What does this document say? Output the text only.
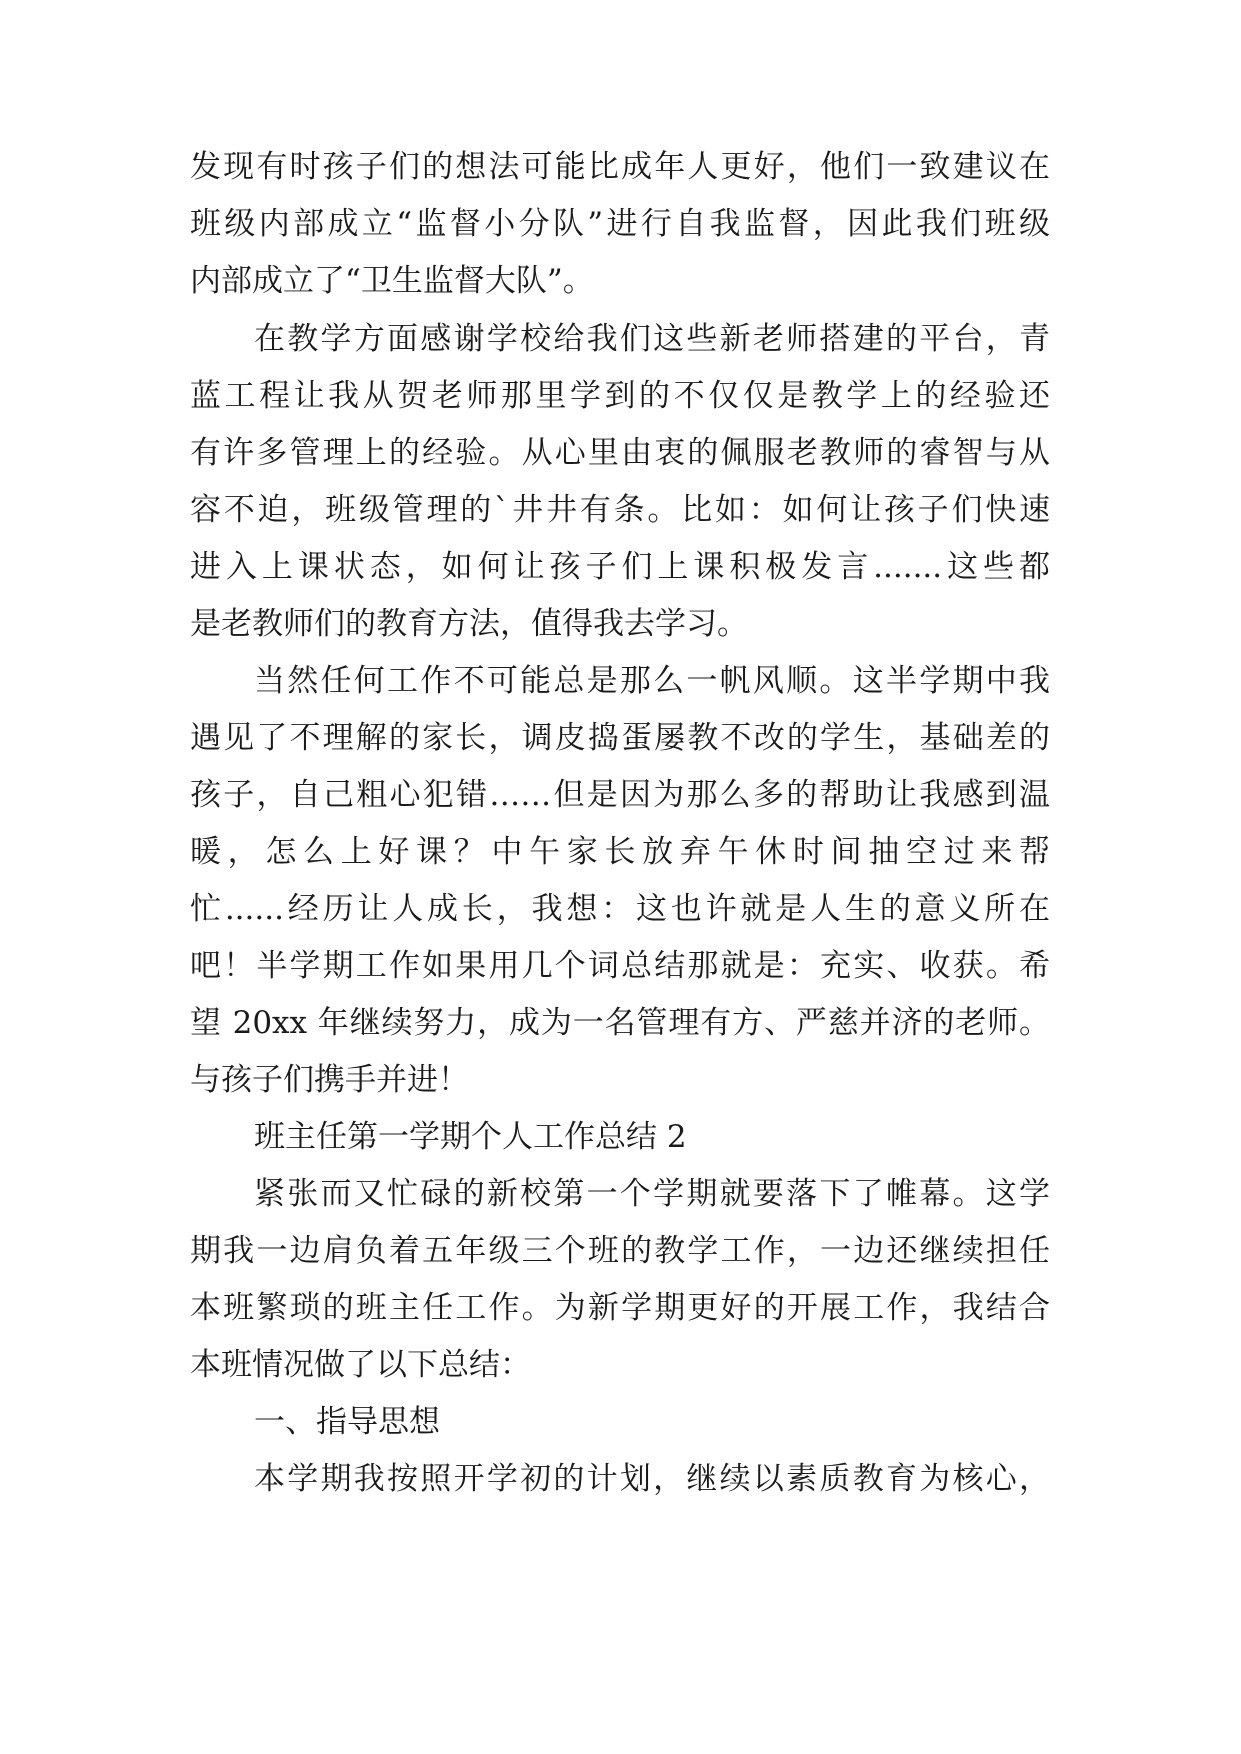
发现有时孩子们的想法可能比成年人更好，他们一致建议在
班级内部成立“监督小分队”进行自我监督，因此我们班级
内部成立了“卫生监督大队”。
在教学方面感谢学校给我们这些新老师搭建的平台，青
蓝工程让我从贺老师那里学到的不仅仅是教学上的经验还
有许多管理上的经验。从心里由衷的佩服老教师的睿智与从
容不迫，班级管理的`井井有条。比如：如何让孩子们快速
进入上课状态，如何让孩子们上课积极发言.......这些都
是老教师们的教育方法，值得我去学习。
当然任何工作不可能总是那么一帆风顺。这半学期中我
遇见了不理解的家长，调皮捣蛋屡教不改的学生，基础差的
孩子，自己粗心犯错……但是因为那么多的帮助让我感到温
暖，怎么上好课？中午家长放弃午休时间抽空过来帮
忙......经历让人成长，我想：这也许就是人生的意义所在
吧！半学期工作如果用几个词总结那就是：充实、收获。希
望 20xx 年继续努力，成为一名管理有方、严慈并济的老师。
与孩子们携手并进！
班主任第一学期个人工作总结 2
紧张而又忙碌的新校第一个学期就要落下了帷幕。这学
期我一边肩负着五年级三个班的教学工作，一边还继续担任
本班繁琐的班主任工作。为新学期更好的开展工作，我结合
本班情况做了以下总结：
一、指导思想
本学期我按照开学初的计划，继续以素质教育为核心，
